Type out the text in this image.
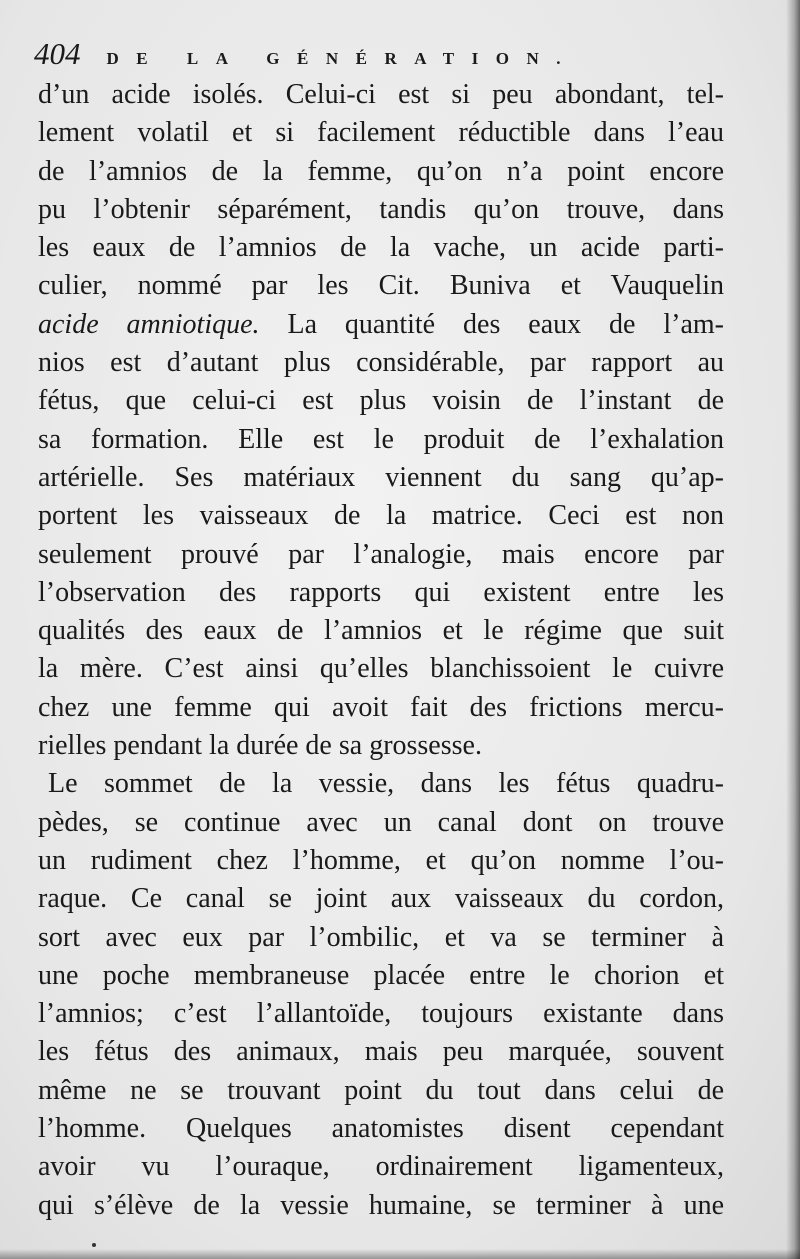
404 DE LA GÉNÉRATION.
d’un acide isolés. Celui-ci est si peu abondant, tel-
lement volatil et si facilement réductible dans l’eau
de l’amnios de la femme, qu’on n’a point encore
pu l’obtenir séparément, tandis qu’on trouve, dans
les eaux de l’amnios de la vache, un acide parti-
culier, nommé par les Cit. Buniva et Vauquelin
acide amniotique. La quantité des eaux de l’am-
nios est d’autant plus considérable, par rapport au
fétus, que celui-ci est plus voisin de l’instant de
sa formation. Elle est le produit de l’exhalation
artérielle. Ses matériaux viennent du sang qu’ap-
portent les vaisseaux de la matrice. Ceci est non
seulement prouvé par l’analogie, mais encore par
l’observation des rapports qui existent entre les
qualités des eaux de l’amnios et le régime que suit
la mère. C’est ainsi qu’elles blanchissoient le cuivre
chez une femme qui avoit fait des frictions mercu-
rielles pendant la durée de sa grossesse.
Le sommet de la vessie, dans les fétus quadru-
pèdes, se continue avec un canal dont on trouve
un rudiment chez l’homme, et qu’on nomme l’ou-
raque. Ce canal se joint aux vaisseaux du cordon,
sort avec eux par l’ombilic, et va se terminer à
une poche membraneuse placée entre le chorion et
l’amnios; c’est l’allantoïde, toujours existante dans
les fétus des animaux, mais peu marquée, souvent
même ne se trouvant point du tout dans celui de
l’homme. Quelques anatomistes disent cependant
avoir vu l’ouraque, ordinairement ligamenteux,
qui s’élève de la vessie humaine, se terminer à une
